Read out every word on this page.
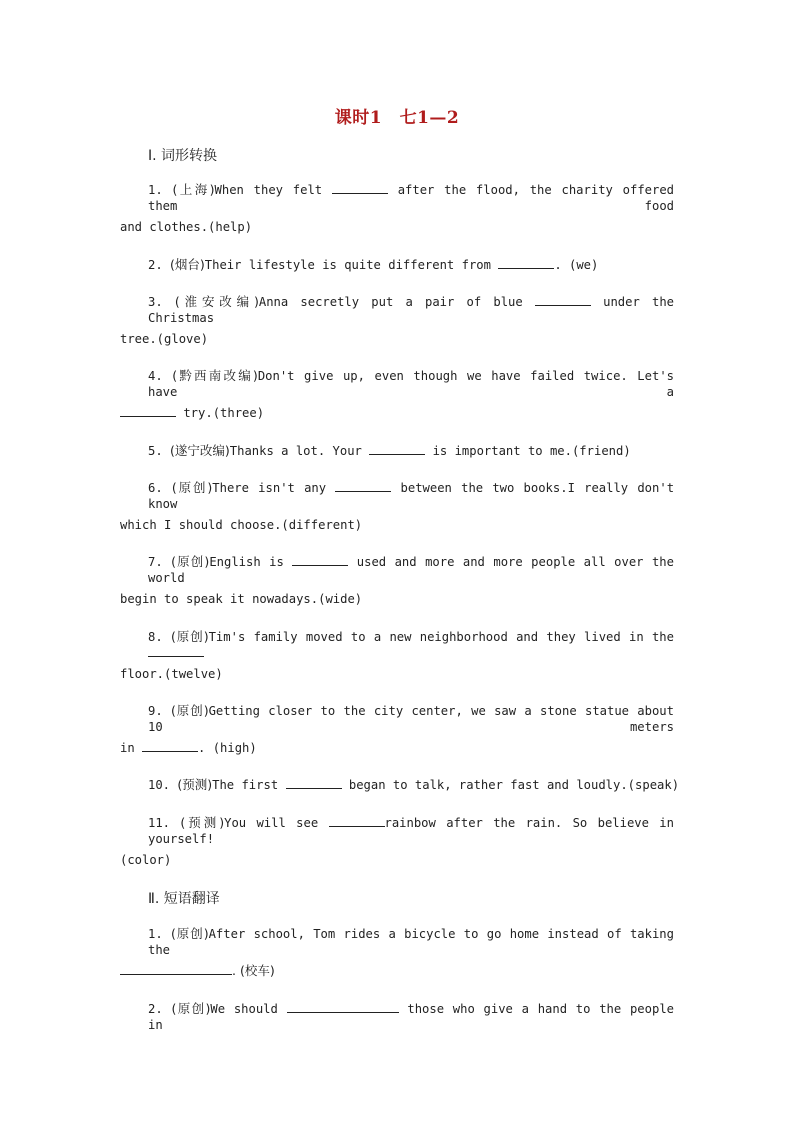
课时1　七1—2
Ⅰ. 词形转换
1. (上海)When they felt	after the flood, the charity offered them food
and clothes.(help)
2. (烟台)Their lifestyle is quite different from	. (we)
3. (淮安改编)Anna secretly put a pair of blue	under the Christmas
tree.(glove)
4. (黔西南改编)Don't give up, even though we have failed twice. Let's have a
try.(three)
5. (遂宁改编)Thanks a lot. Your	is important to me.(friend)
6. (原创)There isn't any	between the two books.I really don't know
which I should choose.(different)
7. (原创)English is	used and more and more people all over the world
begin to speak it nowadays.(wide)
8. (原创)Tim's family moved to a new neighborhood and they lived in the
floor.(twelve)
9. (原创)Getting closer to the city center, we saw a stone statue about 10 meters
in	. (high)
10. (预测)The first	began to talk, rather fast and loudly.(speak)
11. (预测)You will see	rainbow after the rain. So believe in yourself!
(color)
Ⅱ. 短语翻译
1. (原创)After school, Tom rides a bicycle to go home instead of taking the
. (校车)
2. (原创)We should	those who give a hand to the people in
